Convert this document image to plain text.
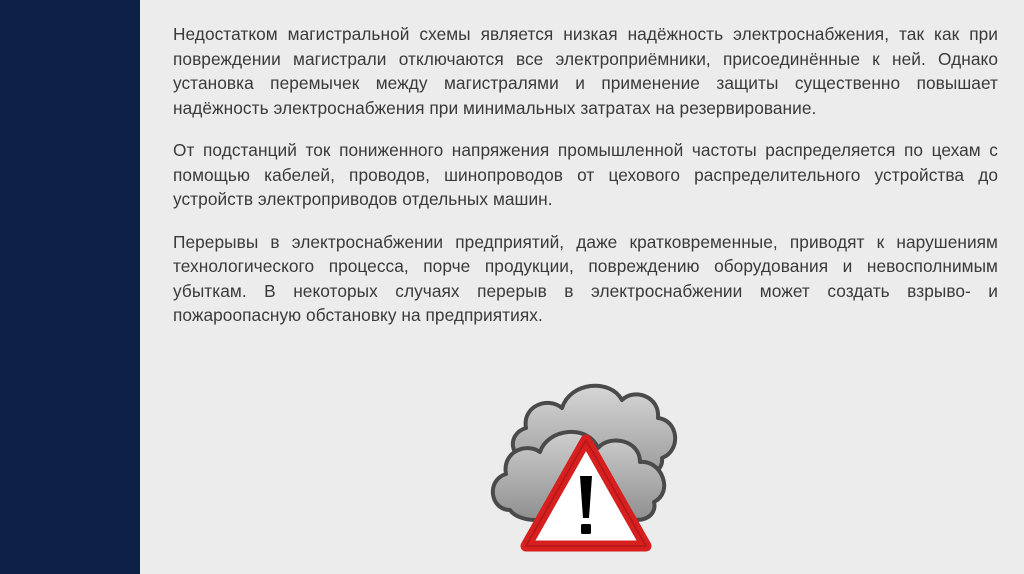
Недостатком магистральной схемы является низкая надёжность электроснабжения, так как при повреждении магистрали отключаются все электроприёмники, присоединённые к ней. Однако установка перемычек между магистралями и применение защиты существенно повышает надёжность электроснабжения при минимальных затратах на резервирование.

От подстанций ток пониженного напряжения промышленной частоты распределяется по цехам с помощью кабелей, проводов, шинопроводов от цехового распределительного устройства до устройств электроприводов отдельных машин.

Перерывы в электроснабжении предприятий, даже кратковременные, приводят к нарушениям технологического процесса, порче продукции, повреждению оборудования и невосполнимым убыткам. В некоторых случаях перерыв в электроснабжении может создать взрыво- и пожароопасную обстановку на предприятиях.
